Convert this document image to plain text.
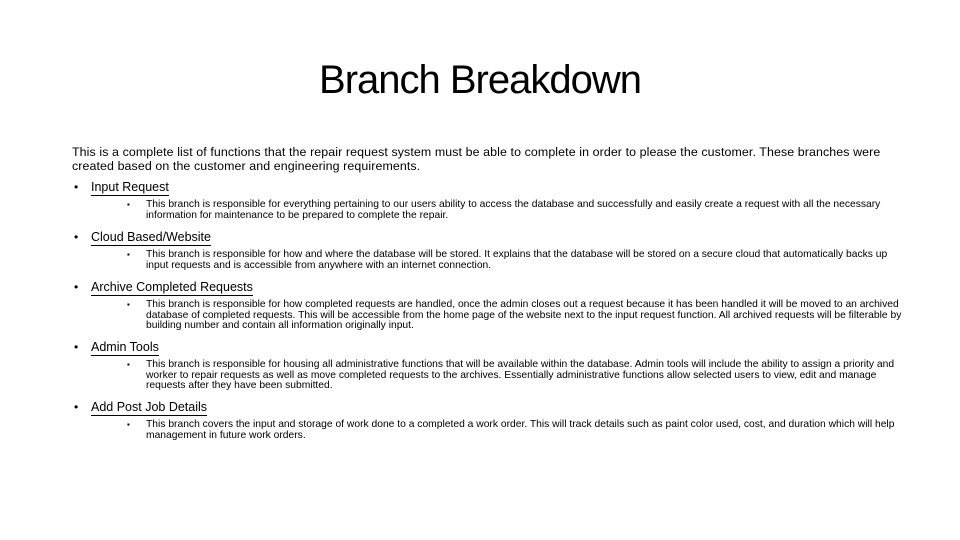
Branch Breakdown
This is a complete list of functions that the repair request system must be able to complete in order to please the customer. These branches were created based on the customer and engineering requirements.
• Input Request
▪ This branch is responsible for everything pertaining to our users ability to access the database and successfully and easily create a request with all the necessary information for maintenance to be prepared to complete the repair.
• Cloud Based/Website
▪ This branch is responsible for how and where the database will be stored. It explains that the database will be stored on a secure cloud that automatically backs up input requests and is accessible from anywhere with an internet connection.
• Archive Completed Requests
▪ This branch is responsible for how completed requests are handled, once the admin closes out a request because it has been handled it will be moved to an archived database of completed requests. This will be accessible from the home page of the website next to the input request function. All archived requests will be filterable by building number and contain all information originally input.
• Admin Tools
▪ This branch is responsible for housing all administrative functions that will be available within the database. Admin tools will include the ability to assign a priority and worker to repair requests as well as move completed requests to the archives. Essentially administrative functions allow selected users to view, edit and manage requests after they have been submitted.
• Add Post Job Details
▪ This branch covers the input and storage of work done to a completed a work order. This will track details such as paint color used, cost, and duration which will help management in future work orders.
